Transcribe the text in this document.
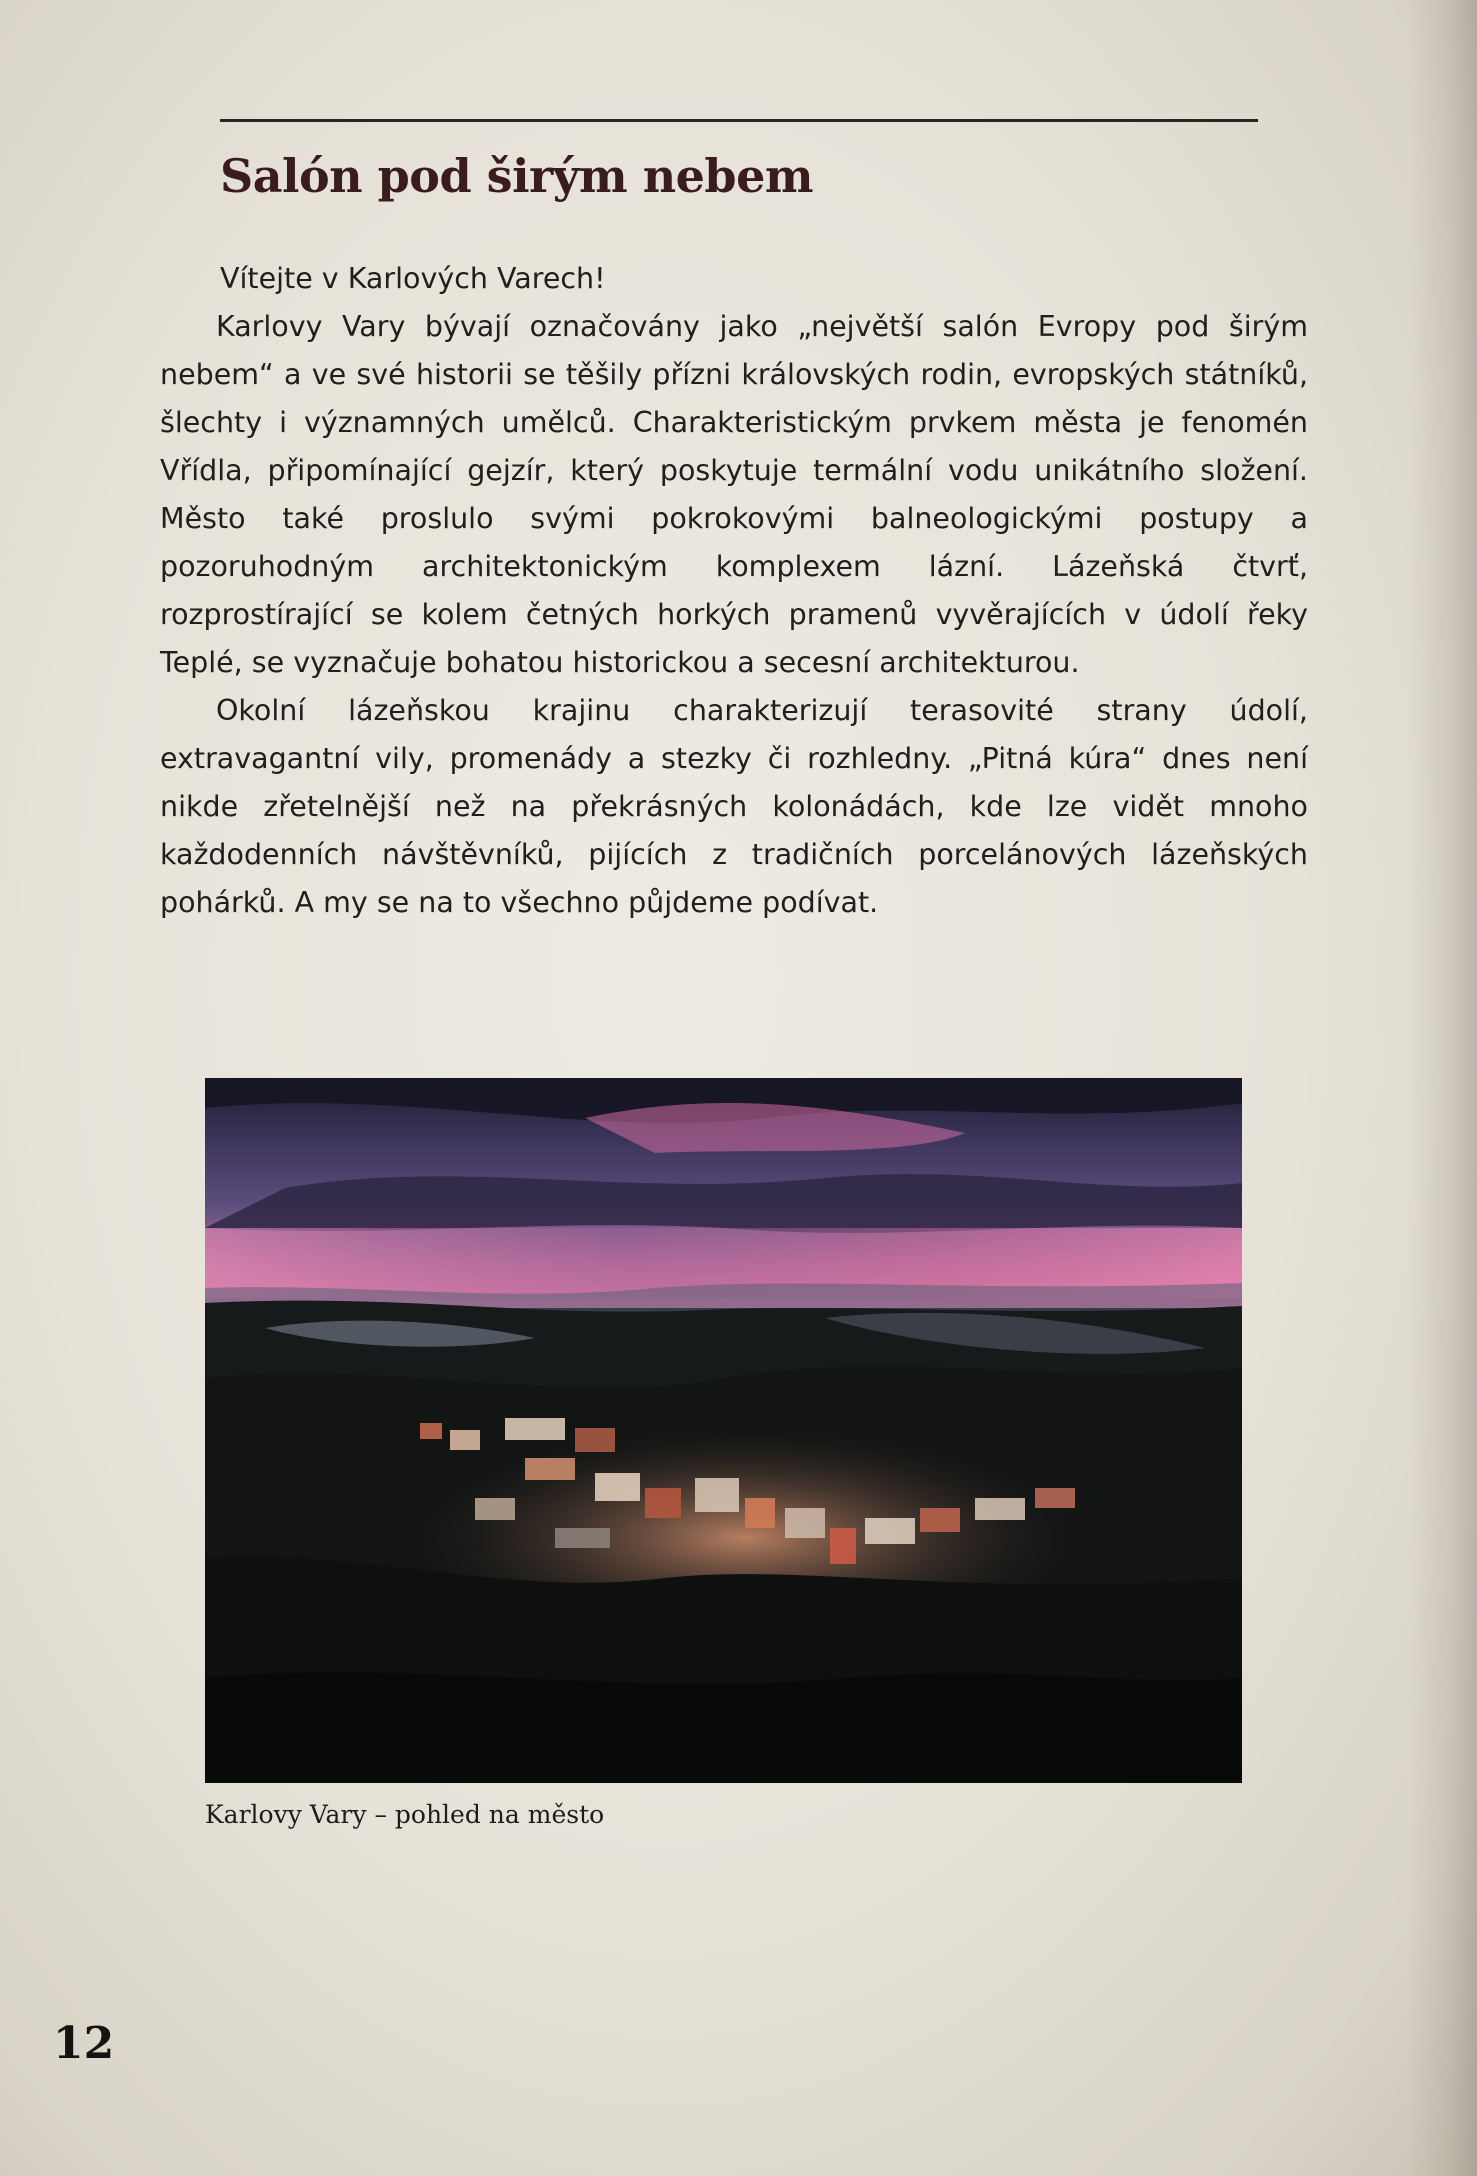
Salón pod širým nebem

Vítejte v Karlových Varech!

Karlovy Vary bývají označovány jako „největší salón Evropy pod širým nebem“ a ve své historii se těšily přízni královských rodin, evropských státníků, šlechty i významných umělců. Charakteristickým prvkem města je fenomén Vřídla, připomínající gejzír, který poskytuje termální vodu unikátního složení. Město také proslulo svými pokrokovými balneologickými postupy a pozoruhodným architektonickým komplexem lázní. Lázeňská čtvrť, rozprostírající se kolem četných horkých pramenů vyvěrajících v údolí řeky Teplé, se vyznačuje bohatou historickou a secesní architekturou.

Okolní lázeňskou krajinu charakterizují terasovité strany údolí, extravagantní vily, promenády a stezky či rozhledny. „Pitná kúra“ dnes není nikde zřetelnější než na překrásných kolonádách, kde lze vidět mnoho každodenních návštěvníků, pijících z tradičních porcelánových lázeňských pohárků. A my se na to všechno půjdeme podívat.

Karlovy Vary – pohled na město
12
